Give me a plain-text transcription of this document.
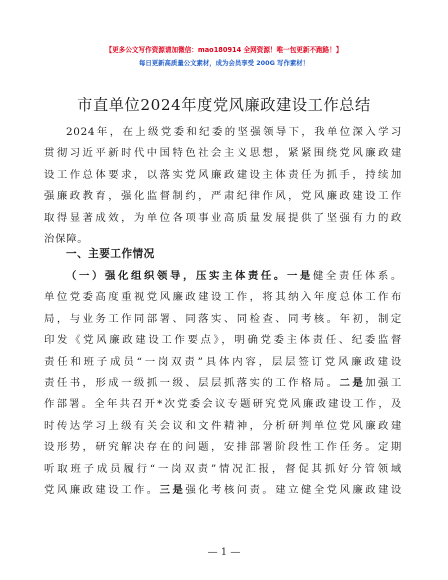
【更多公文写作资源请加微信：mao180914 全网资源！唯一包更新不跑路！】
每日更新高质量公文素材，成为会员享受 200G 写作素材！
市直单位2024年度党风廉政建设工作总结
2024年，在上级党委和纪委的坚强领导下，我单位深入学习
贯彻习近平新时代中国特色社会主义思想，紧紧围绕党风廉政建
设工作总体要求，以落实党风廉政建设主体责任为抓手，持续加
强廉政教育，强化监督制约，严肃纪律作风，党风廉政建设工作
取得显著成效，为单位各项事业高质量发展提供了坚强有力的政
治保障。
一、主要工作情况
（一）强化组织领导，压实主体责任。一是健全责任体系。
单位党委高度重视党风廉政建设工作，将其纳入年度总体工作布
局，与业务工作同部署、同落实、同检查、同考核。年初，制定
印发《党风廉政建设工作要点》，明确党委主体责任、纪委监督
责任和班子成员“一岗双责”具体内容，层层签订党风廉政建设
责任书，形成一级抓一级、层层抓落实的工作格局。二是加强工
作部署。全年共召开*次党委会议专题研究党风廉政建设工作，及
时传达学习上级有关会议和文件精神，分析研判单位党风廉政建
设形势，研究解决存在的问题，安排部署阶段性工作任务。定期
听取班子成员履行“一岗双责”情况汇报，督促其抓好分管领域
党风廉政建设工作。三是强化考核问责。建立健全党风廉政建设
— 1 —
